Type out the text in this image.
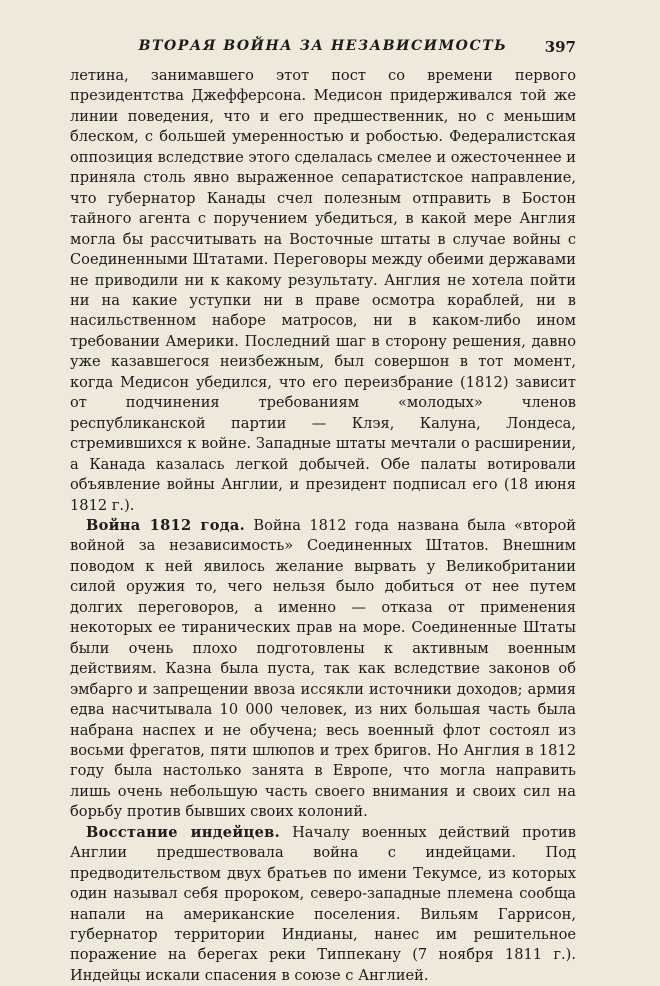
ВТОРАЯ ВОЙНА ЗА НЕЗАВИСИМОСТЬ	397

летина, занимавшего этот пост со времени первого президентства Джефферсона. Медисон придерживался той же линии поведения, что и его предшественник, но с меньшим блеском, с большей умеренностью и робостью. Федералистская оппозиция вследствие этого сделалась смелее и ожесточеннее и приняла столь явно выраженное сепаратистское направление, что губернатор Канады счел полезным отправить в Бостон тайного агента с поручением убедиться, в какой мере Англия могла бы рассчитывать на Восточные штаты в случае войны с Соединенными Штатами. Переговоры между обеими державами не приводили ни к какому результату. Англия не хотела пойти ни на какие уступки ни в праве осмотра кораблей, ни в насильственном наборе матросов, ни в каком-либо ином требовании Америки. Последний шаг в сторону решения, давно уже казавшегося неизбежным, был совершон в тот момент, когда Медисон убедился, что его переизбрание (1812) зависит от подчинения требованиям «молодых» членов республиканской партии — Клэя, Калуна, Лондеса, стремившихся к войне. Западные штаты мечтали о расширении, а Канада казалась легкой добычей. Обе палаты вотировали объявление войны Англии, и президент подписал его (18 июня 1812 г.).

Война 1812 года. Война 1812 года названа была «второй войной за независимость» Соединенных Штатов. Внешним поводом к ней явилось желание вырвать у Великобритании силой оружия то, чего нельзя было добиться от нее путем долгих переговоров, а именно — отказа от применения некоторых ее тиранических прав на море. Соединенные Штаты были очень плохо подготовлены к активным военным действиям. Казна была пуста, так как вследствие законов об эмбарго и запрещении ввоза иссякли источники доходов; армия едва насчитывала 10 000 человек, из них большая часть была набрана наспех и не обучена; весь военный флот состоял из восьми фрегатов, пяти шлюпов и трех бригов. Но Англия в 1812 году была настолько занята в Европе, что могла направить лишь очень небольшую часть своего внимания и своих сил на борьбу против бывших своих колоний.

Восстание индейцев. Началу военных действий против Англии предшествовала война с индейцами. Под предводительством двух братьев по имени Текумсе, из которых один называл себя пророком, северо-западные племена сообща напали на американские поселения. Вильям Гаррисон, губернатор территории Индианы, нанес им решительное поражение на берегах реки Типпекану (7 ноября 1811 г.). Индейцы искали спасения в союзе с Англией.
